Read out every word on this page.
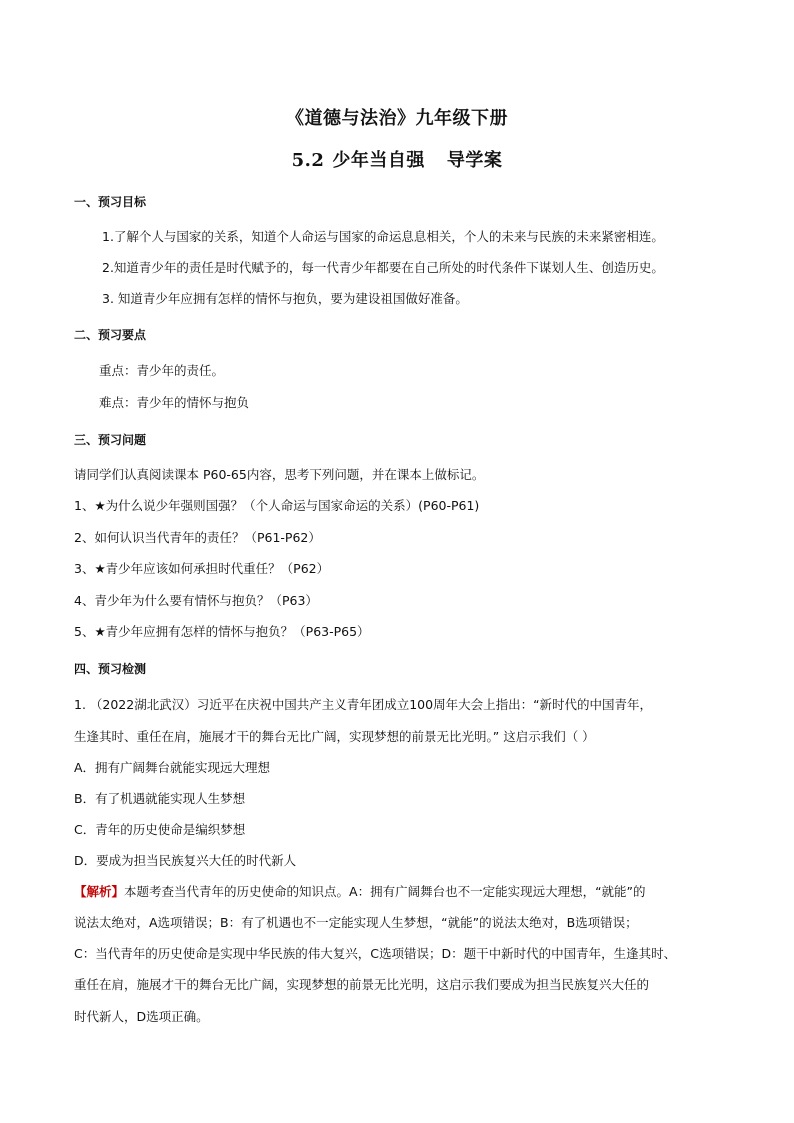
《道德与法治》九年级下册
5.2 少年当自强 导学案
一、预习目标
1.了解个人与国家的关系，知道个人命运与国家的命运息息相关，个人的未来与民族的未来紧密相连。
2.知道青少年的责任是时代赋予的，每一代青少年都要在自己所处的时代条件下谋划人生、创造历史。
3. 知道青少年应拥有怎样的情怀与抱负，要为建设祖国做好准备。
二、预习要点
重点：青少年的责任。
难点：青少年的情怀与抱负
三、预习问题
请同学们认真阅读课本 P60-65内容，思考下列问题，并在课本上做标记。
1、★为什么说少年强则国强？（个人命运与国家命运的关系）(P60-P61)
2、如何认识当代青年的责任？（P61-P62）
3、★青少年应该如何承担时代重任？（P62）
4、青少年为什么要有情怀与抱负？（P63）
5、★青少年应拥有怎样的情怀与抱负？（P63-P65）
四、预习检测
1. （2022湖北武汉）习近平在庆祝中国共产主义青年团成立100周年大会上指出：“新时代的中国青年，
生逢其时、重任在肩，施展才干的舞台无比广阔，实现梦想的前景无比光明。” 这启示我们（ ）
A．拥有广阔舞台就能实现远大理想
B．有了机遇就能实现人生梦想
C．青年的历史使命是编织梦想
D．要成为担当民族复兴大任的时代新人
【解析】本题考查当代青年的历史使命的知识点。A：拥有广阔舞台也不一定能实现远大理想，“就能”的
说法太绝对，A选项错误；B：有了机遇也不一定能实现人生梦想，“就能”的说法太绝对，B选项错误；
C：当代青年的历史使命是实现中华民族的伟大复兴，C选项错误；D：题干中新时代的中国青年，生逢其时、
重任在肩，施展才干的舞台无比广阔，实现梦想的前景无比光明，这启示我们要成为担当民族复兴大任的
时代新人，D选项正确。
